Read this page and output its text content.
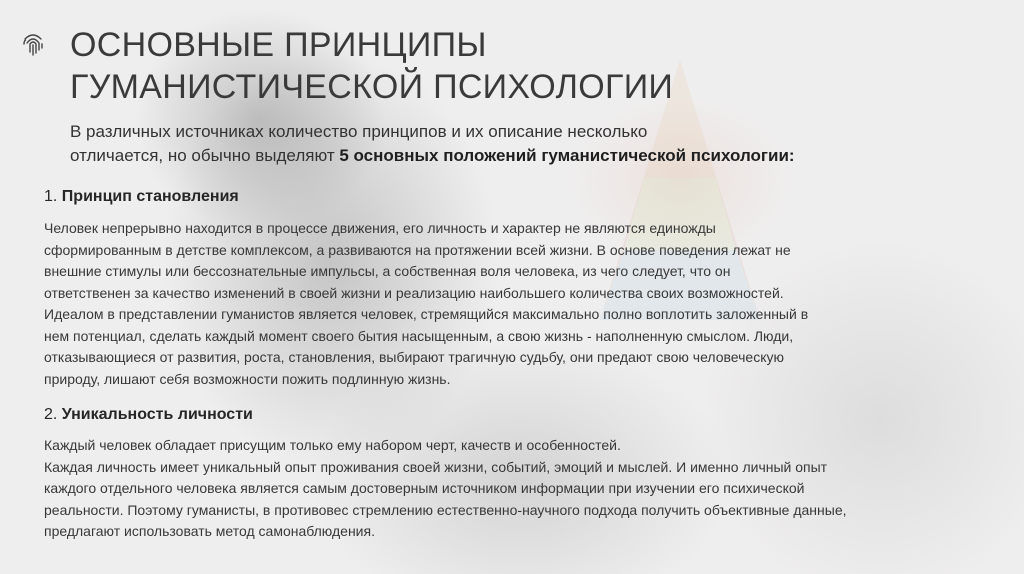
ОСНОВНЫЕ ПРИНЦИПЫ
ГУМАНИСТИЧЕСКОЙ ПСИХОЛОГИИ

В различных источниках количество принципов и их описание несколько
отличается, но обычно выделяют 5 основных положений гуманистической психологии:

1. Принцип становления

Человек непрерывно находится в процессе движения, его личность и характер не являются единожды
сформированным в детстве комплексом, а развиваются на протяжении всей жизни. В основе поведения лежат не
внешние стимулы или бессознательные импульсы, а собственная воля человека, из чего следует, что он
ответственен за качество изменений в своей жизни и реализацию наибольшего количества своих возможностей.
Идеалом в представлении гуманистов является человек, стремящийся максимально полно воплотить заложенный в
нем потенциал, сделать каждый момент своего бытия насыщенным, а свою жизнь - наполненную смыслом. Люди,
отказывающиеся от развития, роста, становления, выбирают трагичную судьбу, они предают свою человеческую
природу, лишают себя возможности пожить подлинную жизнь.

2. Уникальность личности

Каждый человек обладает присущим только ему набором черт, качеств и особенностей.
Каждая личность имеет уникальный опыт проживания своей жизни, событий, эмоций и мыслей. И именно личный опыт
каждого отдельного человека является самым достоверным источником информации при изучении его психической
реальности. Поэтому гуманисты, в противовес стремлению естественно-научного подхода получить объективные данные,
предлагают использовать метод самонаблюдения.
